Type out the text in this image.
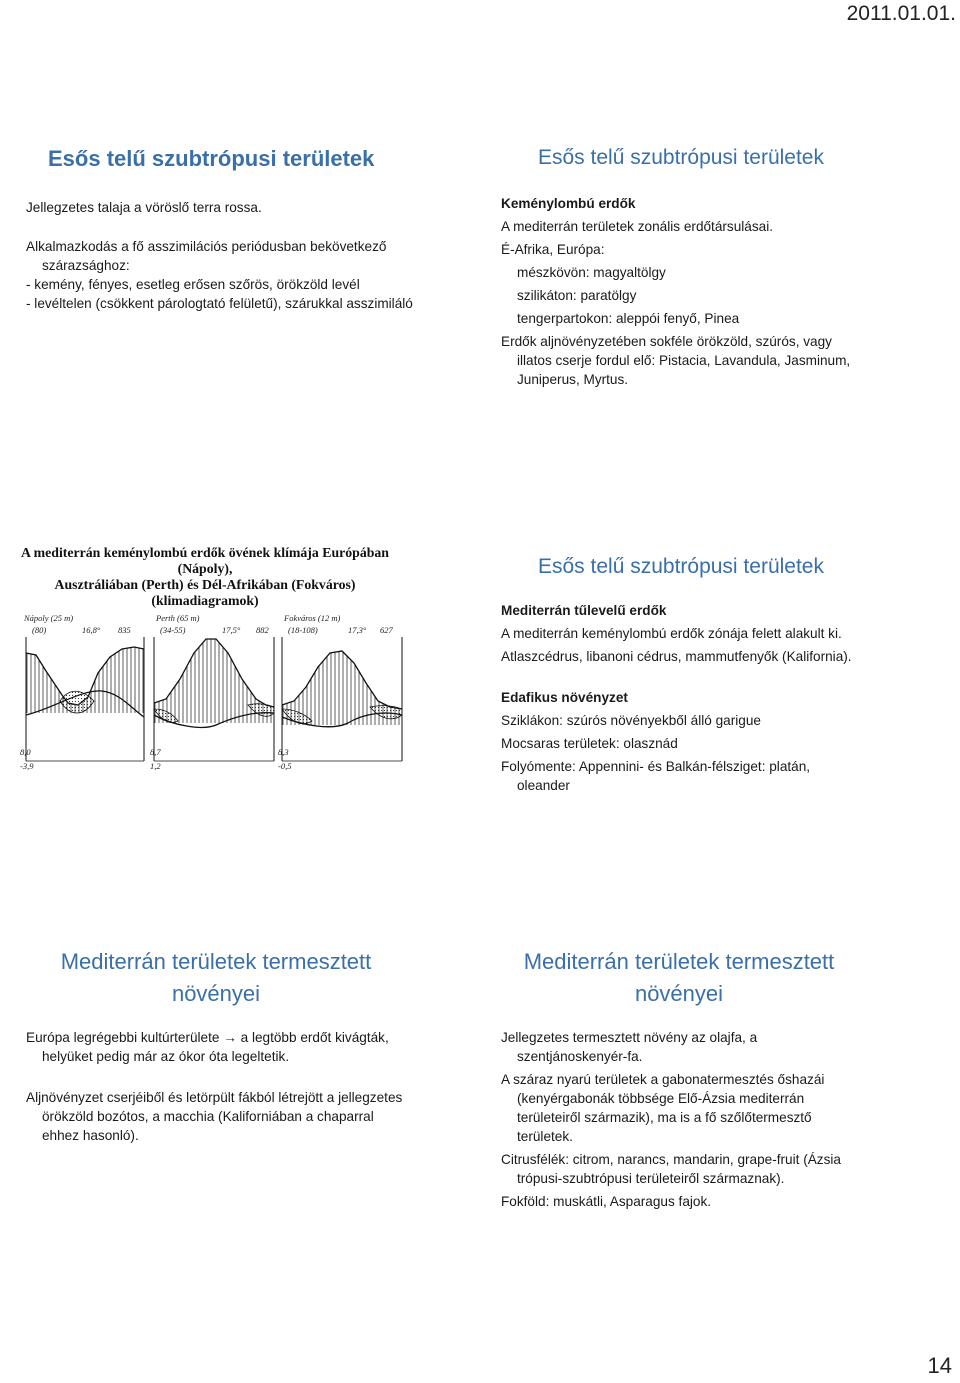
2011.01.01.
Esős telű szubtrópusi területek

Jellegzetes talaja a vöröslő terra rossa.

Alkalmazkodás a fő asszimilációs periódusban bekövetkező szárazsághoz:

- kemény, fényes, esetleg erősen szőrös, örökzöld levél

- levéltelen (csökkent párologtató felületű), szárukkal asszimiláló

Esős telű szubtrópusi területek

Keménylombú erdők

A mediterrán területek zonális erdőtársulásai.

É-Afrika, Európa:

mészkövön: magyaltölgy

szilikáton: paratölgy

tengerpartokon: aleppói fenyő, Pinea

Erdők aljnövényzetében sokféle örökzöld, szúrós, vagy illatos cserje fordul elő: Pistacia, Lavandula, Jasminum, Juniperus, Myrtus.

A mediterrán keménylombú erdők övének klímája Európában (Nápoly),

Ausztráliában (Perth) és Dél-Afrikában (Fokváros)

(klimadiagramok)

Nápoly (25 m)
(80)	16,8° 835
8,0
-3,9
Perth (65 m)
(34-55)	17,5° 882
8,7
1,2
Fokváros (12 m)
(18-108)	17,3° 627
8,3
-0,5
Esős telű szubtrópusi területek

Mediterrán tűlevelű erdők

A mediterrán keménylombú erdők zónája felett alakult ki.

Atlaszcédrus, libanoni cédrus, mammutfenyők (Kalifornia).

Edafikus növényzet

Sziklákon: szúrós növényekből álló garigue

Mocsaras területek: olasznád

Folyómente: Appennini- és Balkán-félsziget: platán, oleander

Mediterrán területek termesztett növényei

Európa legrégebbi kultúrterülete → a legtöbb erdőt kivágták, helyüket pedig már az ókor óta legeltetik.

Aljnövényzet cserjéiből és letörpült fákból létrejött a jellegzetes örökzöld bozótos, a macchia (Kaliforniában a chaparral ehhez hasonló).

Mediterrán területek termesztett növényei

Jellegzetes termesztett növény az olajfa, a szentjánoskenyér-fa.

A száraz nyarú területek a gabonatermesztés őshazái (kenyérgabonák többsége Elő-Ázsia mediterrán területeiről származik), ma is a fő szőlőtermesztő területek.

Citrusfélék: citrom, narancs, mandarin, grape-fruit (Ázsia trópusi-szubtrópusi területeiről származnak).

Fokföld: muskátli, Asparagus fajok.

14
